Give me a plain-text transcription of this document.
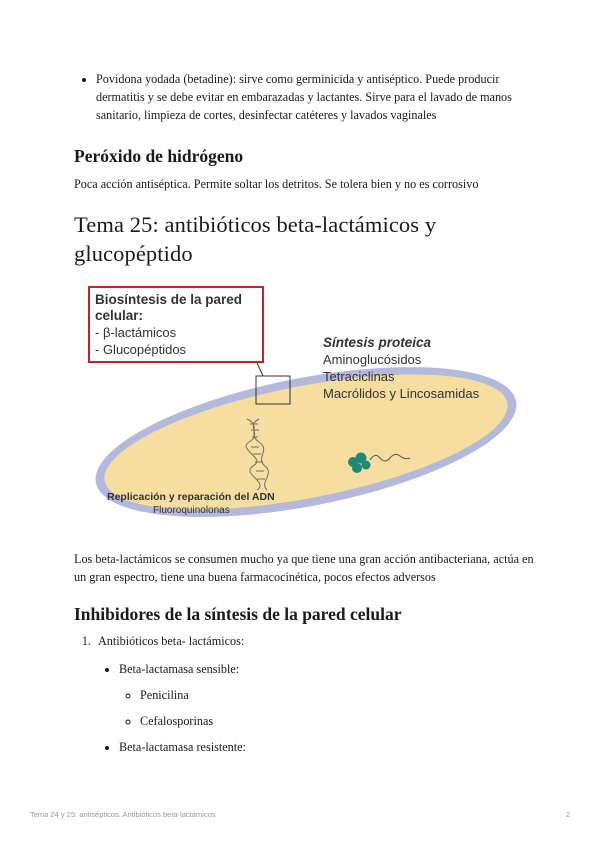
• Povidona yodada (betadine): sirve como germinicida y antiséptico. Puede producir dermatitis y se debe evitar en embarazadas y lactantes. Sirve para el lavado de manos sanitario, limpieza de cortes, desinfectar catéteres y lavados vaginales
Peróxido de hidrógeno

Poca acción antiséptica. Permite soltar los detritos. Se tolera bien y no es corrosivo

Tema 25: antibióticos beta-lactámicos y glucopéptido
Biosíntesis de la pared
celular:
- β-lactámicos
- Glucopéptidos	Síntesis proteica
Aminoglucósidos
Tetraciclinas
Macrólidos y Lincosamidas
Replicación y reparación del ADN
Fluoroquinolonas

Los beta-lactámicos se consumen mucho ya que tiene una gran acción antibacteriana, actúa en un gran espectro, tiene una buena farmacocinética, pocos efectos adversos

Inhibidores de la síntesis de la pared celular
1. Antibióticos beta- lactámicos:
• Beta-lactamasa sensible:
◦ Penicilina
◦ Cefalosporinas
• Beta-lactamasa resistente:
Tema 24 y 25: antisépticos. Antibióticos beta-lactámicos	2
